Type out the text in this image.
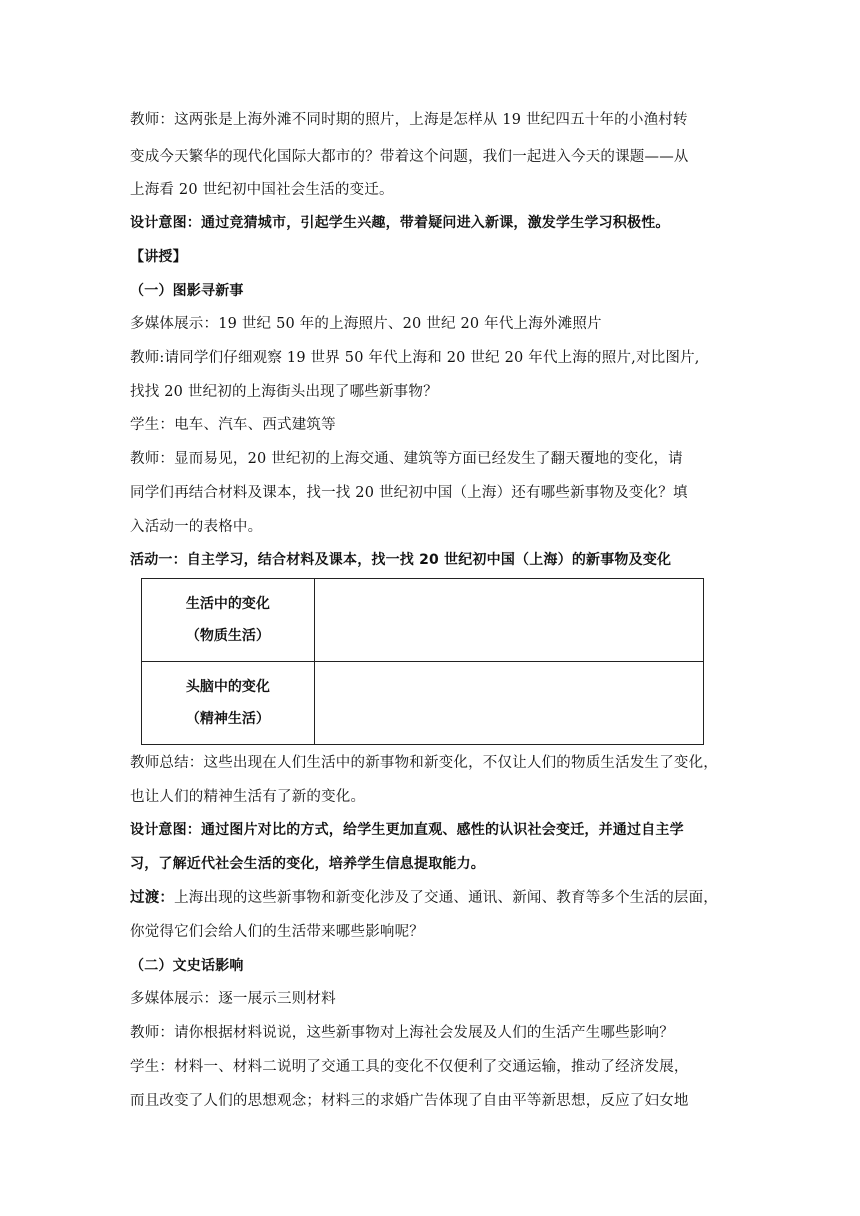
教师：这两张是上海外滩不同时期的照片，上海是怎样从 19 世纪四五十年的小渔村转
变成今天繁华的现代化国际大都市的？带着这个问题，我们一起进入今天的课题——从
上海看 20 世纪初中国社会生活的变迁。
设计意图：通过竞猜城市，引起学生兴趣，带着疑问进入新课，激发学生学习积极性。
【讲授】
（一）图影寻新事
多媒体展示：19 世纪 50 年的上海照片、20 世纪 20 年代上海外滩照片
教师:请同学们仔细观察 19 世界 50 年代上海和 20 世纪 20 年代上海的照片,对比图片,
找找 20 世纪初的上海街头出现了哪些新事物？
学生：电车、汽车、西式建筑等
教师：显而易见，20 世纪初的上海交通、建筑等方面已经发生了翻天覆地的变化，请
同学们再结合材料及课本，找一找 20 世纪初中国（上海）还有哪些新事物及变化？填
入活动一的表格中。
活动一：自主学习，结合材料及课本，找一找 20 世纪初中国（上海）的新事物及变化
生活中的变化
（物质生活）	

头脑中的变化
（精神生活）	

教师总结：这些出现在人们生活中的新事物和新变化，不仅让人们的物质生活发生了变化，
也让人们的精神生活有了新的变化。
设计意图：通过图片对比的方式，给学生更加直观、感性的认识社会变迁，并通过自主学
习，了解近代社会生活的变化，培养学生信息提取能力。
过渡：上海出现的这些新事物和新变化涉及了交通、通讯、新闻、教育等多个生活的层面，
你觉得它们会给人们的生活带来哪些影响呢？
（二）文史话影响
多媒体展示：逐一展示三则材料
教师：请你根据材料说说，这些新事物对上海社会发展及人们的生活产生哪些影响？
学生：材料一、材料二说明了交通工具的变化不仅便利了交通运输，推动了经济发展，
而且改变了人们的思想观念；材料三的求婚广告体现了自由平等新思想，反应了妇女地
